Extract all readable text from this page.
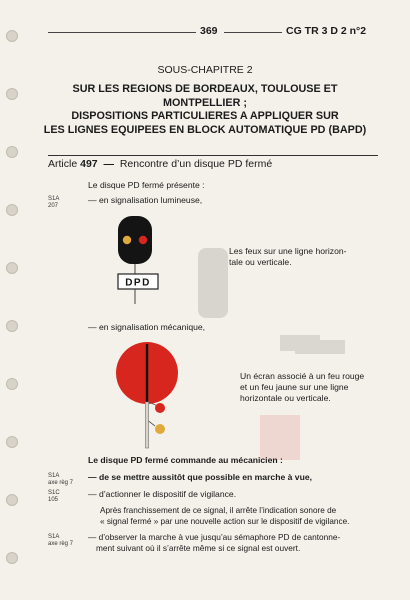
369	CG TR 3 D 2 n°2
SOUS-CHAPITRE 2
SUR LES REGIONS DE BORDEAUX, TOULOUSE ET
MONTPELLIER ;
DISPOSITIONS PARTICULIERES A APPLIQUER SUR
LES LIGNES EQUIPEES EN BLOCK AUTOMATIQUE PD (BAPD)
Article 497 — Rencontre d’un disque PD fermé
Le disque PD fermé présente :
S1A
207
— en signalisation lumineuse,
DPD
Les feux sur une ligne horizon-
tale ou verticale.
— en signalisation mécanique,
Un écran associé à un feu rouge
et un feu jaune sur une ligne
horizontale ou verticale.
Le disque PD fermé commande au mécanicien :
S1A
axe règ 7
— de se mettre aussitôt que possible en marche à vue,
S1C
105
— d’actionner le dispositif de vigilance.
Après franchissement de ce signal, il arrête l’indication sonore de
« signal fermé » par une nouvelle action sur le dispositif de vigilance.
S1A
axe règ 7
— d’observer la marche à vue jusqu’au sémaphore PD de cantonne-
ment suivant où il s’arrête même si ce signal est ouvert.
